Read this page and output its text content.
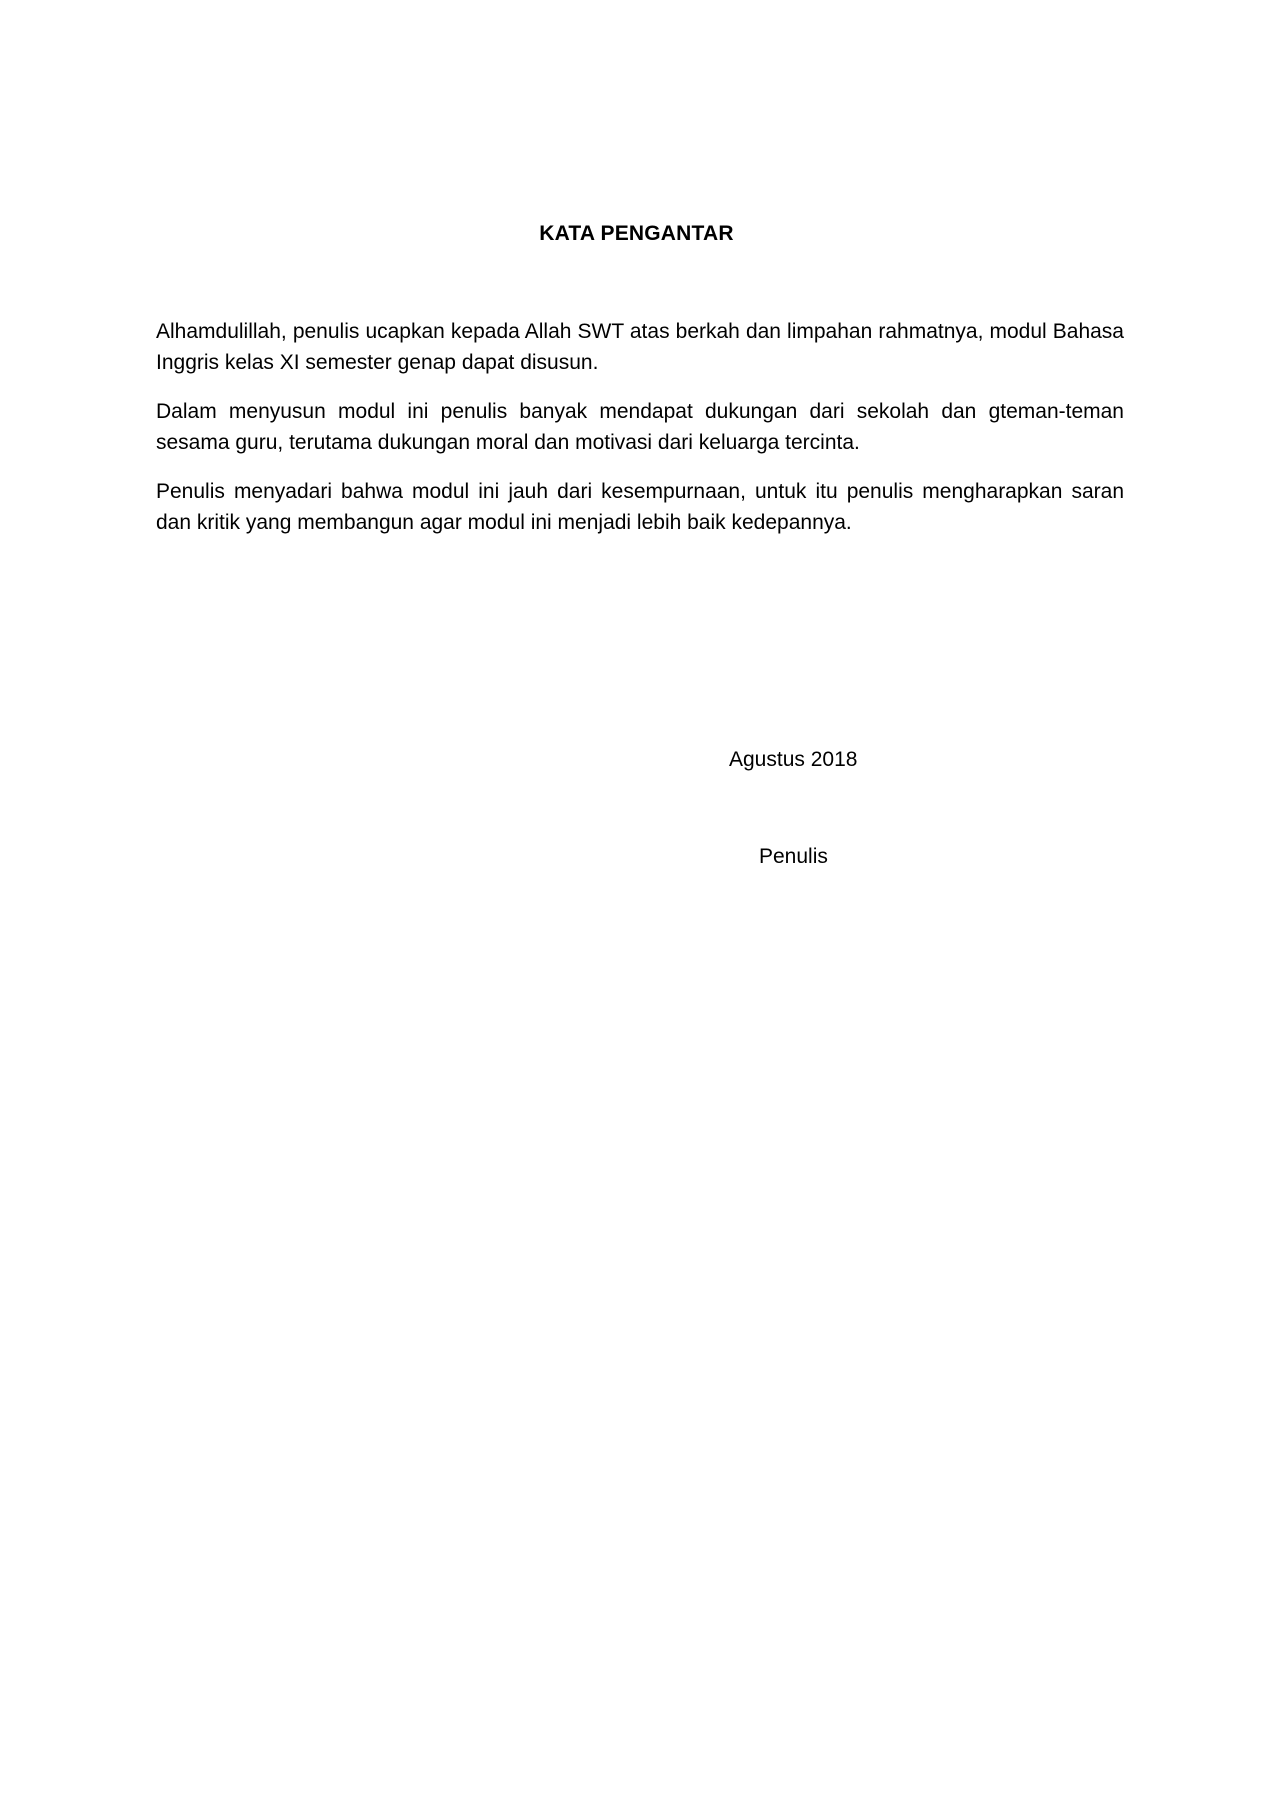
KATA PENGANTAR

Alhamdulillah, penulis ucapkan kepada Allah SWT atas berkah dan limpahan rahmatnya, modul Bahasa Inggris kelas XI semester genap dapat disusun.

Dalam menyusun modul ini penulis banyak mendapat dukungan dari sekolah dan gteman-teman sesama guru, terutama dukungan moral dan motivasi dari keluarga tercinta.

Penulis menyadari bahwa modul ini jauh dari kesempurnaan, untuk itu penulis mengharapkan saran dan kritik yang membangun agar modul ini menjadi lebih baik kedepannya.

Agustus 2018
Penulis
